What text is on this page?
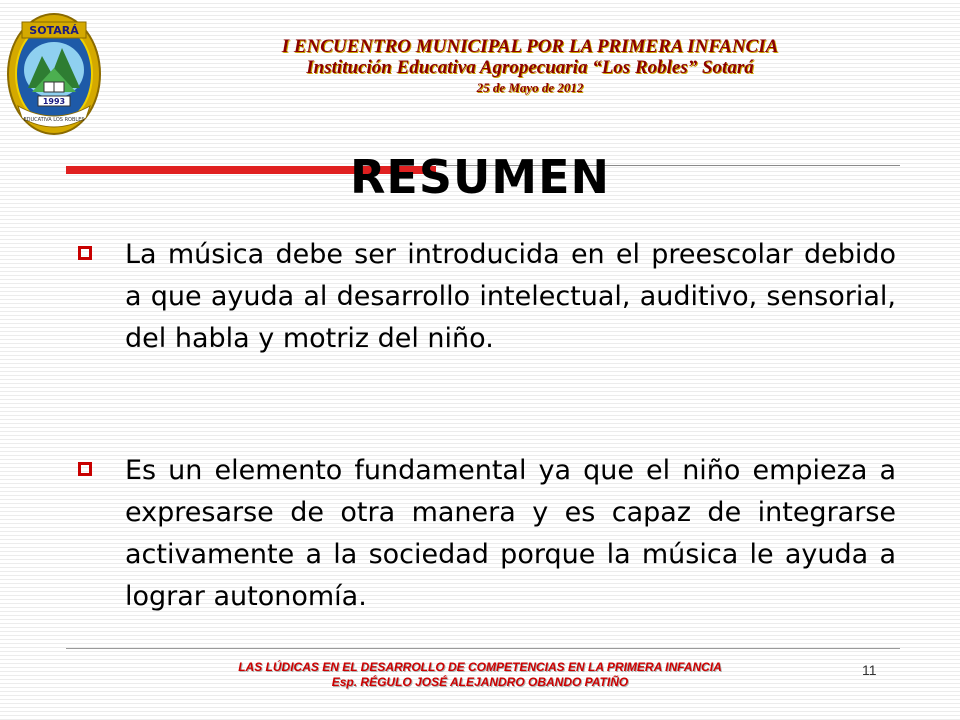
SOTARÁ
1993
EDUCATIVA LOS ROBLES
I ENCUENTRO MUNICIPAL POR LA PRIMERA INFANCIA
Institución Educativa Agropecuaria “Los Robles” Sotará
25 de Mayo de 2012
RESUMEN
La música debe ser introducida en el preescolar debido a que ayuda al desarrollo intelectual, auditivo, sensorial, del habla y motriz del niño.
Es un elemento fundamental ya que el niño empieza a expresarse de otra manera y es capaz de integrarse activamente a la sociedad porque la música le ayuda a lograr autonomía.
LAS LÚDICAS EN EL DESARROLLO DE COMPETENCIAS EN LA PRIMERA INFANCIA
Esp. RÉGULO JOSÉ ALEJANDRO OBANDO PATIÑO
11
